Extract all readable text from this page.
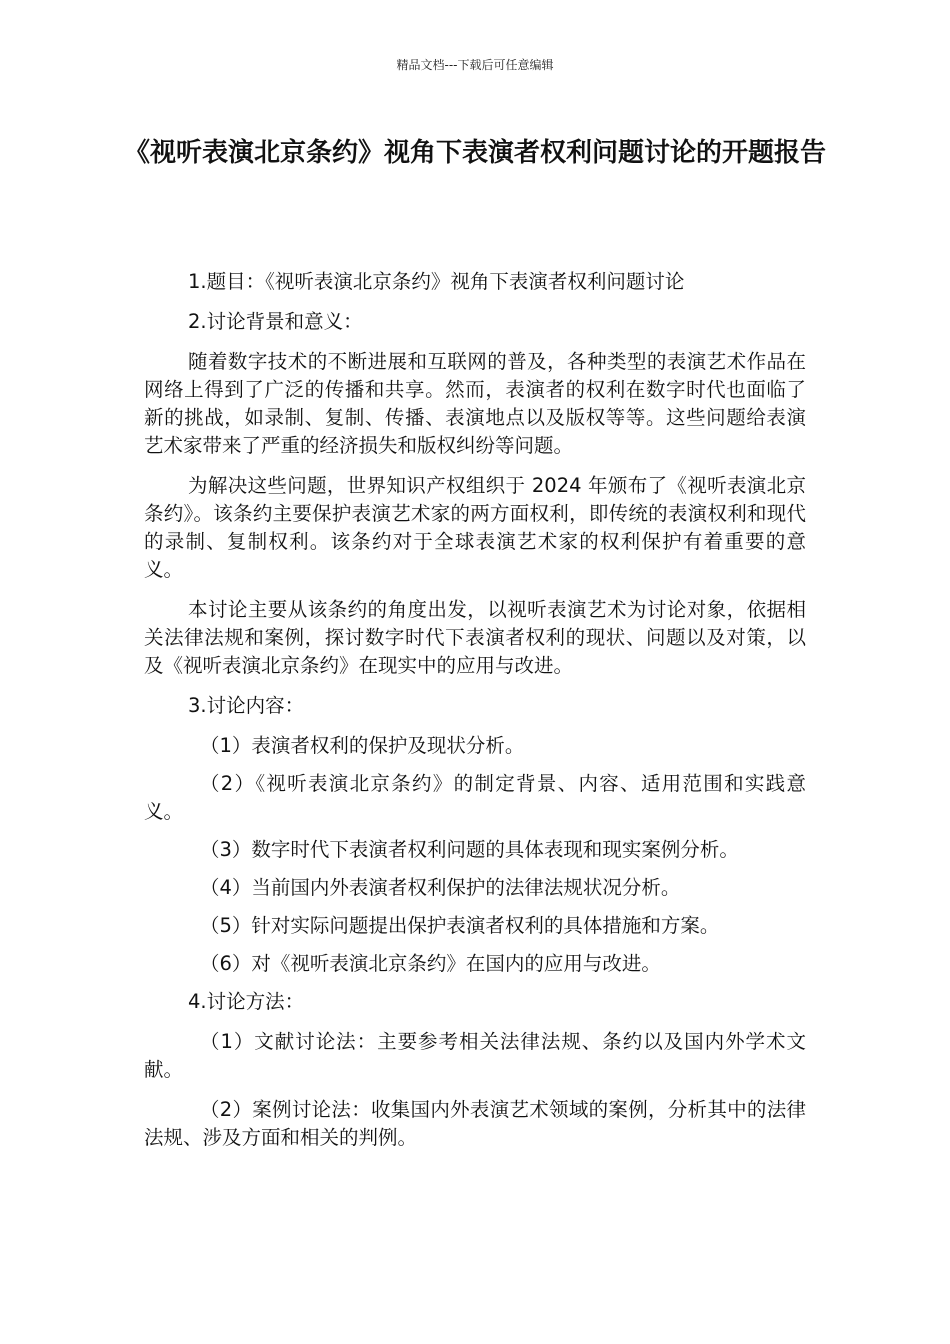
精品文档---下载后可任意编辑
《视听表演北京条约》视角下表演者权利问题讨论的开题报告

1.题目：《视听表演北京条约》视角下表演者权利问题讨论

2.讨论背景和意义：

随着数字技术的不断进展和互联网的普及，各种类型的表演艺术作品在网络上得到了广泛的传播和共享。然而，表演者的权利在数字时代也面临了新的挑战，如录制、复制、传播、表演地点以及版权等等。这些问题给表演艺术家带来了严重的经济损失和版权纠纷等问题。

为解决这些问题，世界知识产权组织于 2024 年颁布了《视听表演北京条约》。该条约主要保护表演艺术家的两方面权利，即传统的表演权利和现代的录制、复制权利。该条约对于全球表演艺术家的权利保护有着重要的意义。

本讨论主要从该条约的角度出发，以视听表演艺术为讨论对象，依据相关法律法规和案例，探讨数字时代下表演者权利的现状、问题以及对策，以及《视听表演北京条约》在现实中的应用与改进。

3.讨论内容：

（1）表演者权利的保护及现状分析。

（2）《视听表演北京条约》的制定背景、内容、适用范围和实践意义。

（3）数字时代下表演者权利问题的具体表现和现实案例分析。

（4）当前国内外表演者权利保护的法律法规状况分析。

（5）针对实际问题提出保护表演者权利的具体措施和方案。

（6）对《视听表演北京条约》在国内的应用与改进。

4.讨论方法：

（1）文献讨论法：主要参考相关法律法规、条约以及国内外学术文献。

（2）案例讨论法：收集国内外表演艺术领域的案例，分析其中的法律法规、涉及方面和相关的判例。
